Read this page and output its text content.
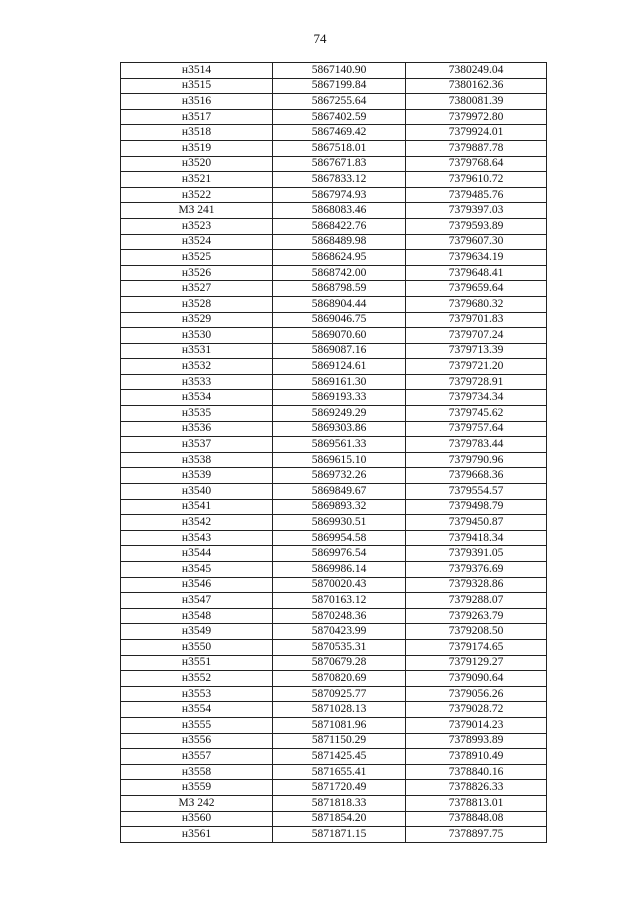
74
н3514	5867140.90	7380249.04
н3515	5867199.84	7380162.36
н3516	5867255.64	7380081.39
н3517	5867402.59	7379972.80
н3518	5867469.42	7379924.01
н3519	5867518.01	7379887.78
н3520	5867671.83	7379768.64
н3521	5867833.12	7379610.72
н3522	5867974.93	7379485.76
МЗ 241	5868083.46	7379397.03
н3523	5868422.76	7379593.89
н3524	5868489.98	7379607.30
н3525	5868624.95	7379634.19
н3526	5868742.00	7379648.41
н3527	5868798.59	7379659.64
н3528	5868904.44	7379680.32
н3529	5869046.75	7379701.83
н3530	5869070.60	7379707.24
н3531	5869087.16	7379713.39
н3532	5869124.61	7379721.20
н3533	5869161.30	7379728.91
н3534	5869193.33	7379734.34
н3535	5869249.29	7379745.62
н3536	5869303.86	7379757.64
н3537	5869561.33	7379783.44
н3538	5869615.10	7379790.96
н3539	5869732.26	7379668.36
н3540	5869849.67	7379554.57
н3541	5869893.32	7379498.79
н3542	5869930.51	7379450.87
н3543	5869954.58	7379418.34
н3544	5869976.54	7379391.05
н3545	5869986.14	7379376.69
н3546	5870020.43	7379328.86
н3547	5870163.12	7379288.07
н3548	5870248.36	7379263.79
н3549	5870423.99	7379208.50
н3550	5870535.31	7379174.65
н3551	5870679.28	7379129.27
н3552	5870820.69	7379090.64
н3553	5870925.77	7379056.26
н3554	5871028.13	7379028.72
н3555	5871081.96	7379014.23
н3556	5871150.29	7378993.89
н3557	5871425.45	7378910.49
н3558	5871655.41	7378840.16
н3559	5871720.49	7378826.33
МЗ 242	5871818.33	7378813.01
н3560	5871854.20	7378848.08
н3561	5871871.15	7378897.75
